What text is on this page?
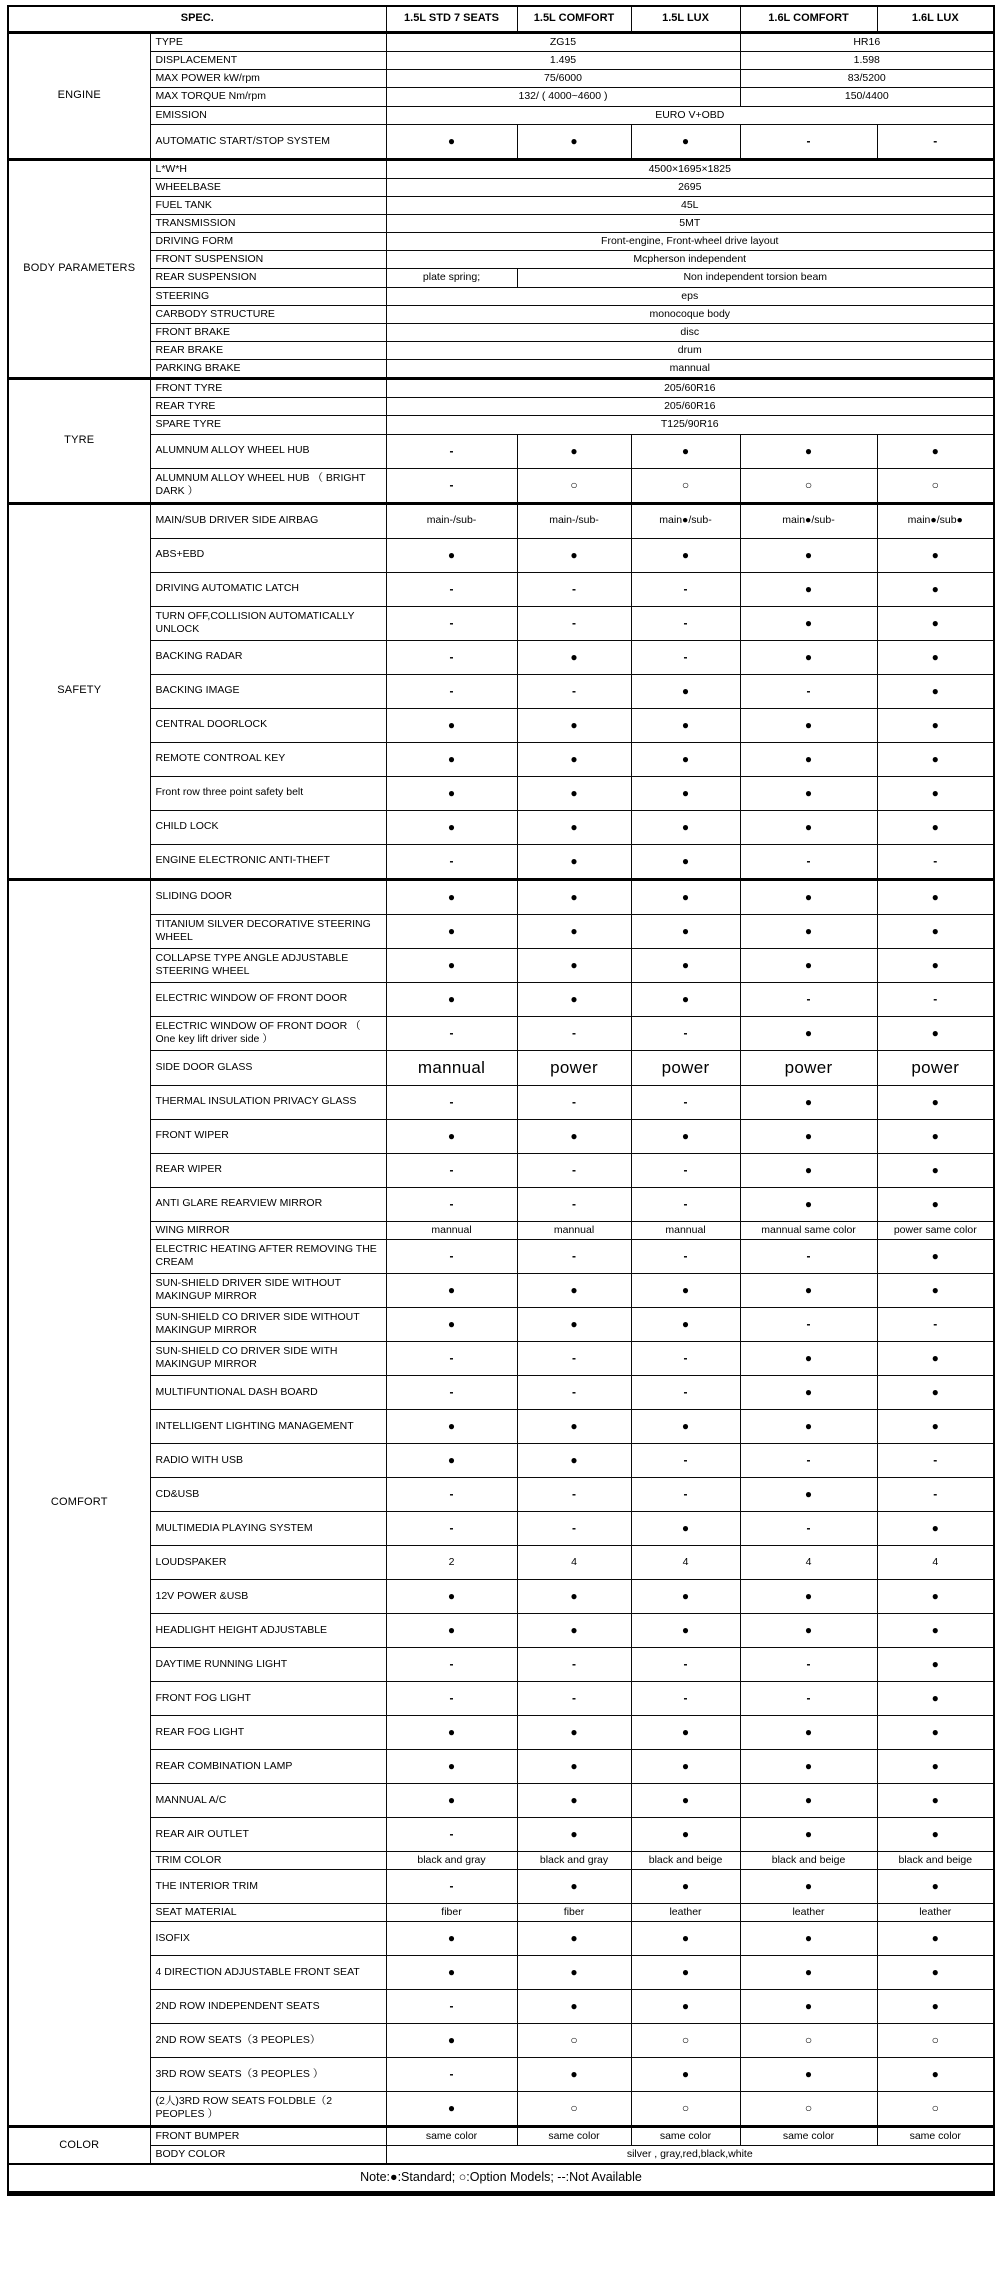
SPEC.		1.5L STD 7 SEATS	1.5L COMFORT	1.5L LUX	1.6L COMFORT	1.6L LUX
ENGINE	TYPE	ZG15			HR16	
	DISPLACEMENT	1.495			1.598	
	MAX POWER kW/rpm	75/6000			83/5200	
	MAX TORQUE Nm/rpm	132/ ( 4000~4600 )			150/4400	
	EMISSION	EURO V+OBD				
	AUTOMATIC START/STOP SYSTEM	●	●	●	-	-
BODY PARAMETERS	L*W*H	4500×1695×1825				
	WHEELBASE	2695				
	FUEL TANK	45L				
	TRANSMISSION	5MT				
	DRIVING FORM	Front-engine, Front-wheel drive layout				
	FRONT SUSPENSION	Mcpherson independent				
	REAR SUSPENSION	plate spring;	Non independent torsion beam			
	STEERING	eps				
	CARBODY STRUCTURE	monocoque body				
	FRONT BRAKE	disc				
	REAR BRAKE	drum				
	PARKING BRAKE	mannual				
TYRE	FRONT TYRE	205/60R16				
	REAR TYRE	205/60R16				
	SPARE TYRE	T125/90R16				
	ALUMNUM ALLOY WHEEL HUB	-	●	●	●	●
	ALUMNUM ALLOY WHEEL HUB （ BRIGHT DARK ）	-	○	○	○	○
SAFETY	MAIN/SUB DRIVER SIDE AIRBAG	main-/sub-	main-/sub-	main●/sub-	main●/sub-	main●/sub●
	ABS+EBD	●	●	●	●	●
	DRIVING AUTOMATIC LATCH	-	-	-	●	●
	TURN OFF,COLLISION AUTOMATICALLY UNLOCK	-	-	-	●	●
	BACKING RADAR	-	●	-	●	●
	BACKING IMAGE	-	-	●	-	●
	CENTRAL DOORLOCK	●	●	●	●	●
	REMOTE CONTROAL KEY	●	●	●	●	●
	Front row three point safety belt	●	●	●	●	●
	CHILD LOCK	●	●	●	●	●
	ENGINE ELECTRONIC ANTI-THEFT	-	●	●	-	-
COMFORT	SLIDING DOOR	●	●	●	●	●
	TITANIUM SILVER DECORATIVE STEERING WHEEL	●	●	●	●	●
	COLLAPSE TYPE ANGLE ADJUSTABLE STEERING WHEEL	●	●	●	●	●
	ELECTRIC WINDOW OF FRONT DOOR	●	●	●	-	-
	ELECTRIC WINDOW OF FRONT DOOR （ One key lift driver side ）	-	-	-	●	●
	SIDE DOOR GLASS	mannual	power	power	power	power
	THERMAL INSULATION PRIVACY GLASS	-	-	-	●	●
	FRONT WIPER	●	●	●	●	●
	REAR WIPER	-	-	-	●	●
	ANTI GLARE REARVIEW MIRROR	-	-	-	●	●
	WING MIRROR	mannual	mannual	mannual	mannual same color	power same color
	ELECTRIC HEATING AFTER REMOVING THE CREAM	-	-	-	-	●
	SUN-SHIELD DRIVER SIDE WITHOUT MAKINGUP MIRROR	●	●	●	●	●
	SUN-SHIELD CO DRIVER SIDE WITHOUT MAKINGUP MIRROR	●	●	●	-	-
	SUN-SHIELD CO DRIVER SIDE WITH MAKINGUP MIRROR	-	-	-	●	●
	MULTIFUNTIONAL DASH BOARD	-	-	-	●	●
	INTELLIGENT LIGHTING MANAGEMENT	●	●	●	●	●
	RADIO WITH USB	●	●	-	-	-
	CD&USB	-	-	-	●	-
	MULTIMEDIA PLAYING SYSTEM	-	-	●	-	●
	LOUDSPAKER	2	4	4	4	4
	12V POWER &USB	●	●	●	●	●
	HEADLIGHT HEIGHT ADJUSTABLE	●	●	●	●	●
	DAYTIME RUNNING LIGHT	-	-	-	-	●
	FRONT FOG LIGHT	-	-	-	-	●
	REAR FOG LIGHT	●	●	●	●	●
	REAR COMBINATION LAMP	●	●	●	●	●
	MANNUAL A/C	●	●	●	●	●
	REAR AIR OUTLET	-	●	●	●	●
	TRIM COLOR	black and gray	black and gray	black and beige	black and beige	black and beige
	THE INTERIOR TRIM	-	●	●	●	●
	SEAT MATERIAL	fiber	fiber	leather	leather	leather
	ISOFIX	●	●	●	●	●
	4 DIRECTION ADJUSTABLE FRONT SEAT	●	●	●	●	●
	2ND ROW INDEPENDENT SEATS	-	●	●	●	●
	2ND ROW SEATS（3 PEOPLES）	●	○	○	○	○
	3RD ROW SEATS（3 PEOPLES ）	-	●	●	●	●
	(2人)3RD ROW SEATS FOLDBLE（2 PEOPLES ）	●	○	○	○	○
COLOR	FRONT BUMPER	same color	same color	same color	same color	same color
	BODY COLOR	silver , gray,red,black,white				
Note:●:Standard; ○:Option Models; --:Not Available						
